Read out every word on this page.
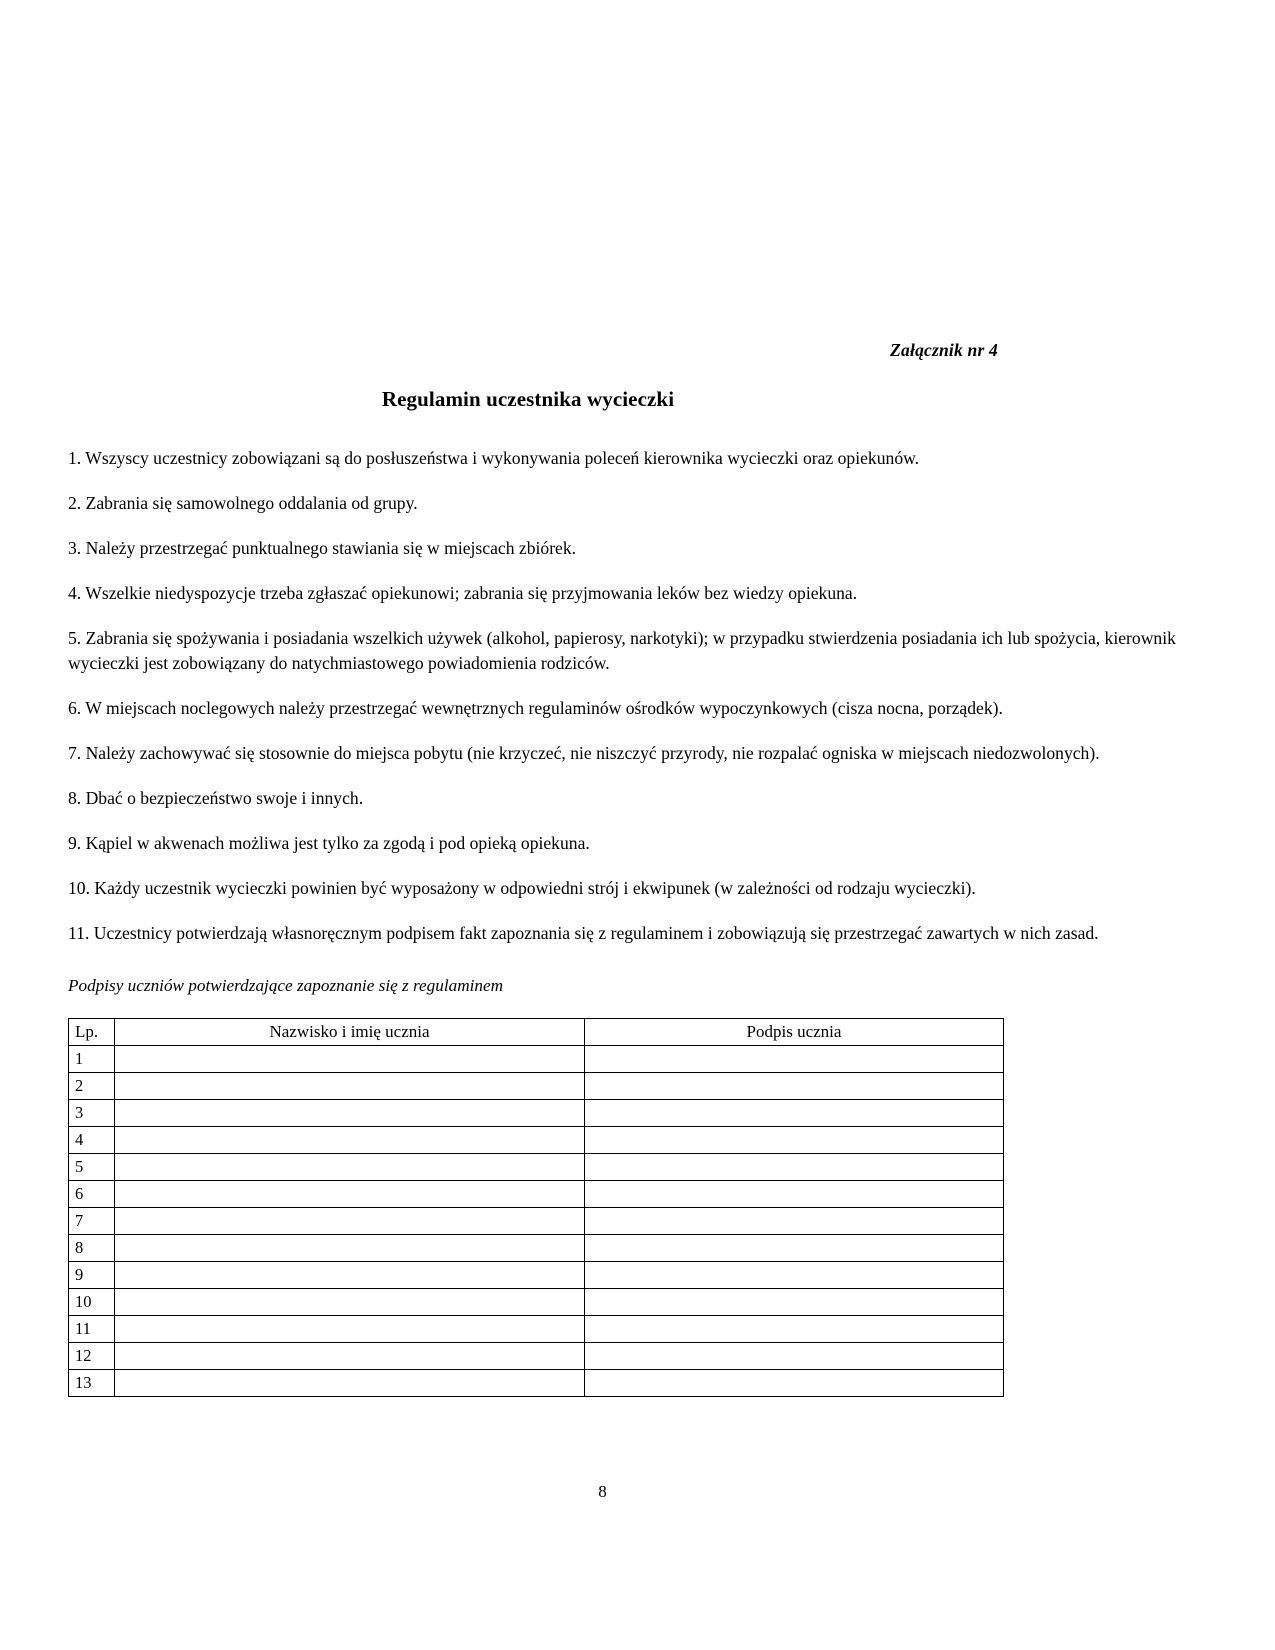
Załącznik nr 4
Regulamin uczestnika wycieczki

1. Wszyscy uczestnicy zobowiązani są do posłuszeństwa i wykonywania poleceń kierownika wycieczki oraz opiekunów.

2. Zabrania się samowolnego oddalania od grupy.

3. Należy przestrzegać punktualnego stawiania się w miejscach zbiórek.

4. Wszelkie niedyspozycje trzeba zgłaszać opiekunowi; zabrania się przyjmowania leków bez wiedzy opiekuna.

5. Zabrania się spożywania i posiadania wszelkich używek (alkohol, papierosy, narkotyki); w przypadku stwierdzenia posiadania ich lub spożycia, kierownik wycieczki jest zobowiązany do natychmiastowego powiadomienia rodziców.

6. W miejscach noclegowych należy przestrzegać wewnętrznych regulaminów ośrodków wypoczynkowych (cisza nocna, porządek).

7. Należy zachowywać się stosownie do miejsca pobytu (nie krzyczeć, nie niszczyć przyrody, nie rozpalać ogniska w miejscach niedozwolonych).

8. Dbać o bezpieczeństwo swoje i innych.

9. Kąpiel w akwenach możliwa jest tylko za zgodą i pod opieką opiekuna.

10. Każdy uczestnik wycieczki powinien być wyposażony w odpowiedni strój i ekwipunek (w zależności od rodzaju wycieczki).

11. Uczestnicy potwierdzają własnoręcznym podpisem fakt zapoznania się z regulaminem i zobowiązują się przestrzegać zawartych w nich zasad.

Podpisy uczniów potwierdzające zapoznanie się z regulaminem
Lp.	Nazwisko i imię ucznia	Podpis ucznia
1		
2		
3		
4		
5		
6		
7		
8		
9		
10		
11		
12		
13		
8
